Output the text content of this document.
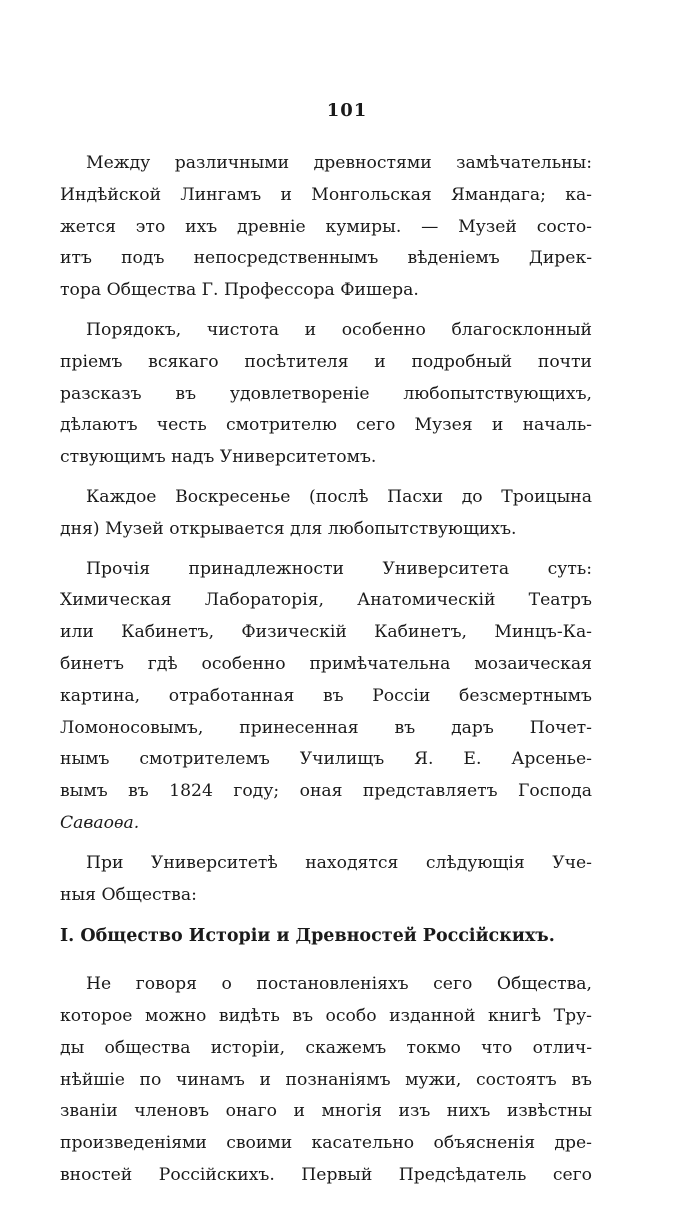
101
Между различными древностями замѣчательны:
Индѣйской Лингамъ и Монгольская Ямандага; ка-
жется это ихъ древніе кумиры. — Музей состо-
итъ подъ непосредственнымъ вѣденіемъ Дирек-
тора Общества Г. Профессора Фишера.
Порядокъ, чистота и особенно благосклонный
пріемъ всякаго посѣтителя и подробный почти
разсказъ въ удовлетвореніе любопытствующихъ,
дѣлаютъ честь смотрителю сего Музея и началь-
ствующимъ надъ Университетомъ.
Каждое Воскресенье (послѣ Пасхи до Троицына
дня) Музей открывается для любопытствующихъ.
Прочія принадлежности Университета суть:
Химическая Лабораторія, Анатомическій Театръ
или Кабинетъ, Физическій Кабинетъ, Минцъ-Ка-
бинетъ гдѣ особенно примѣчательна мозаическая
картина, отработанная въ Россіи безсмертнымъ
Ломоносовымъ, принесенная въ даръ Почет-
нымъ смотрителемъ Училищъ Я. Е. Арсенье-
вымъ въ 1824 году; оная представляетъ Господа
Саваоѳа.
При Университетѣ находятся слѣдующія Уче-
ныя Общества:
I. Общество Исторіи и Древностей Россійскихъ.
Не говоря о постановленіяхъ сего Общества,
которое можно видѣть въ особо изданной книгѣ Тру-
ды общества исторіи, скажемъ токмо что отлич-
нѣйшіе по чинамъ и познаніямъ мужи, состоятъ въ
званіи членовъ онаго и многія изъ нихъ извѣстны
произведеніями своими касательно объясненія дре-
вностей Россійскихъ. Первый Предсѣдатель сего
